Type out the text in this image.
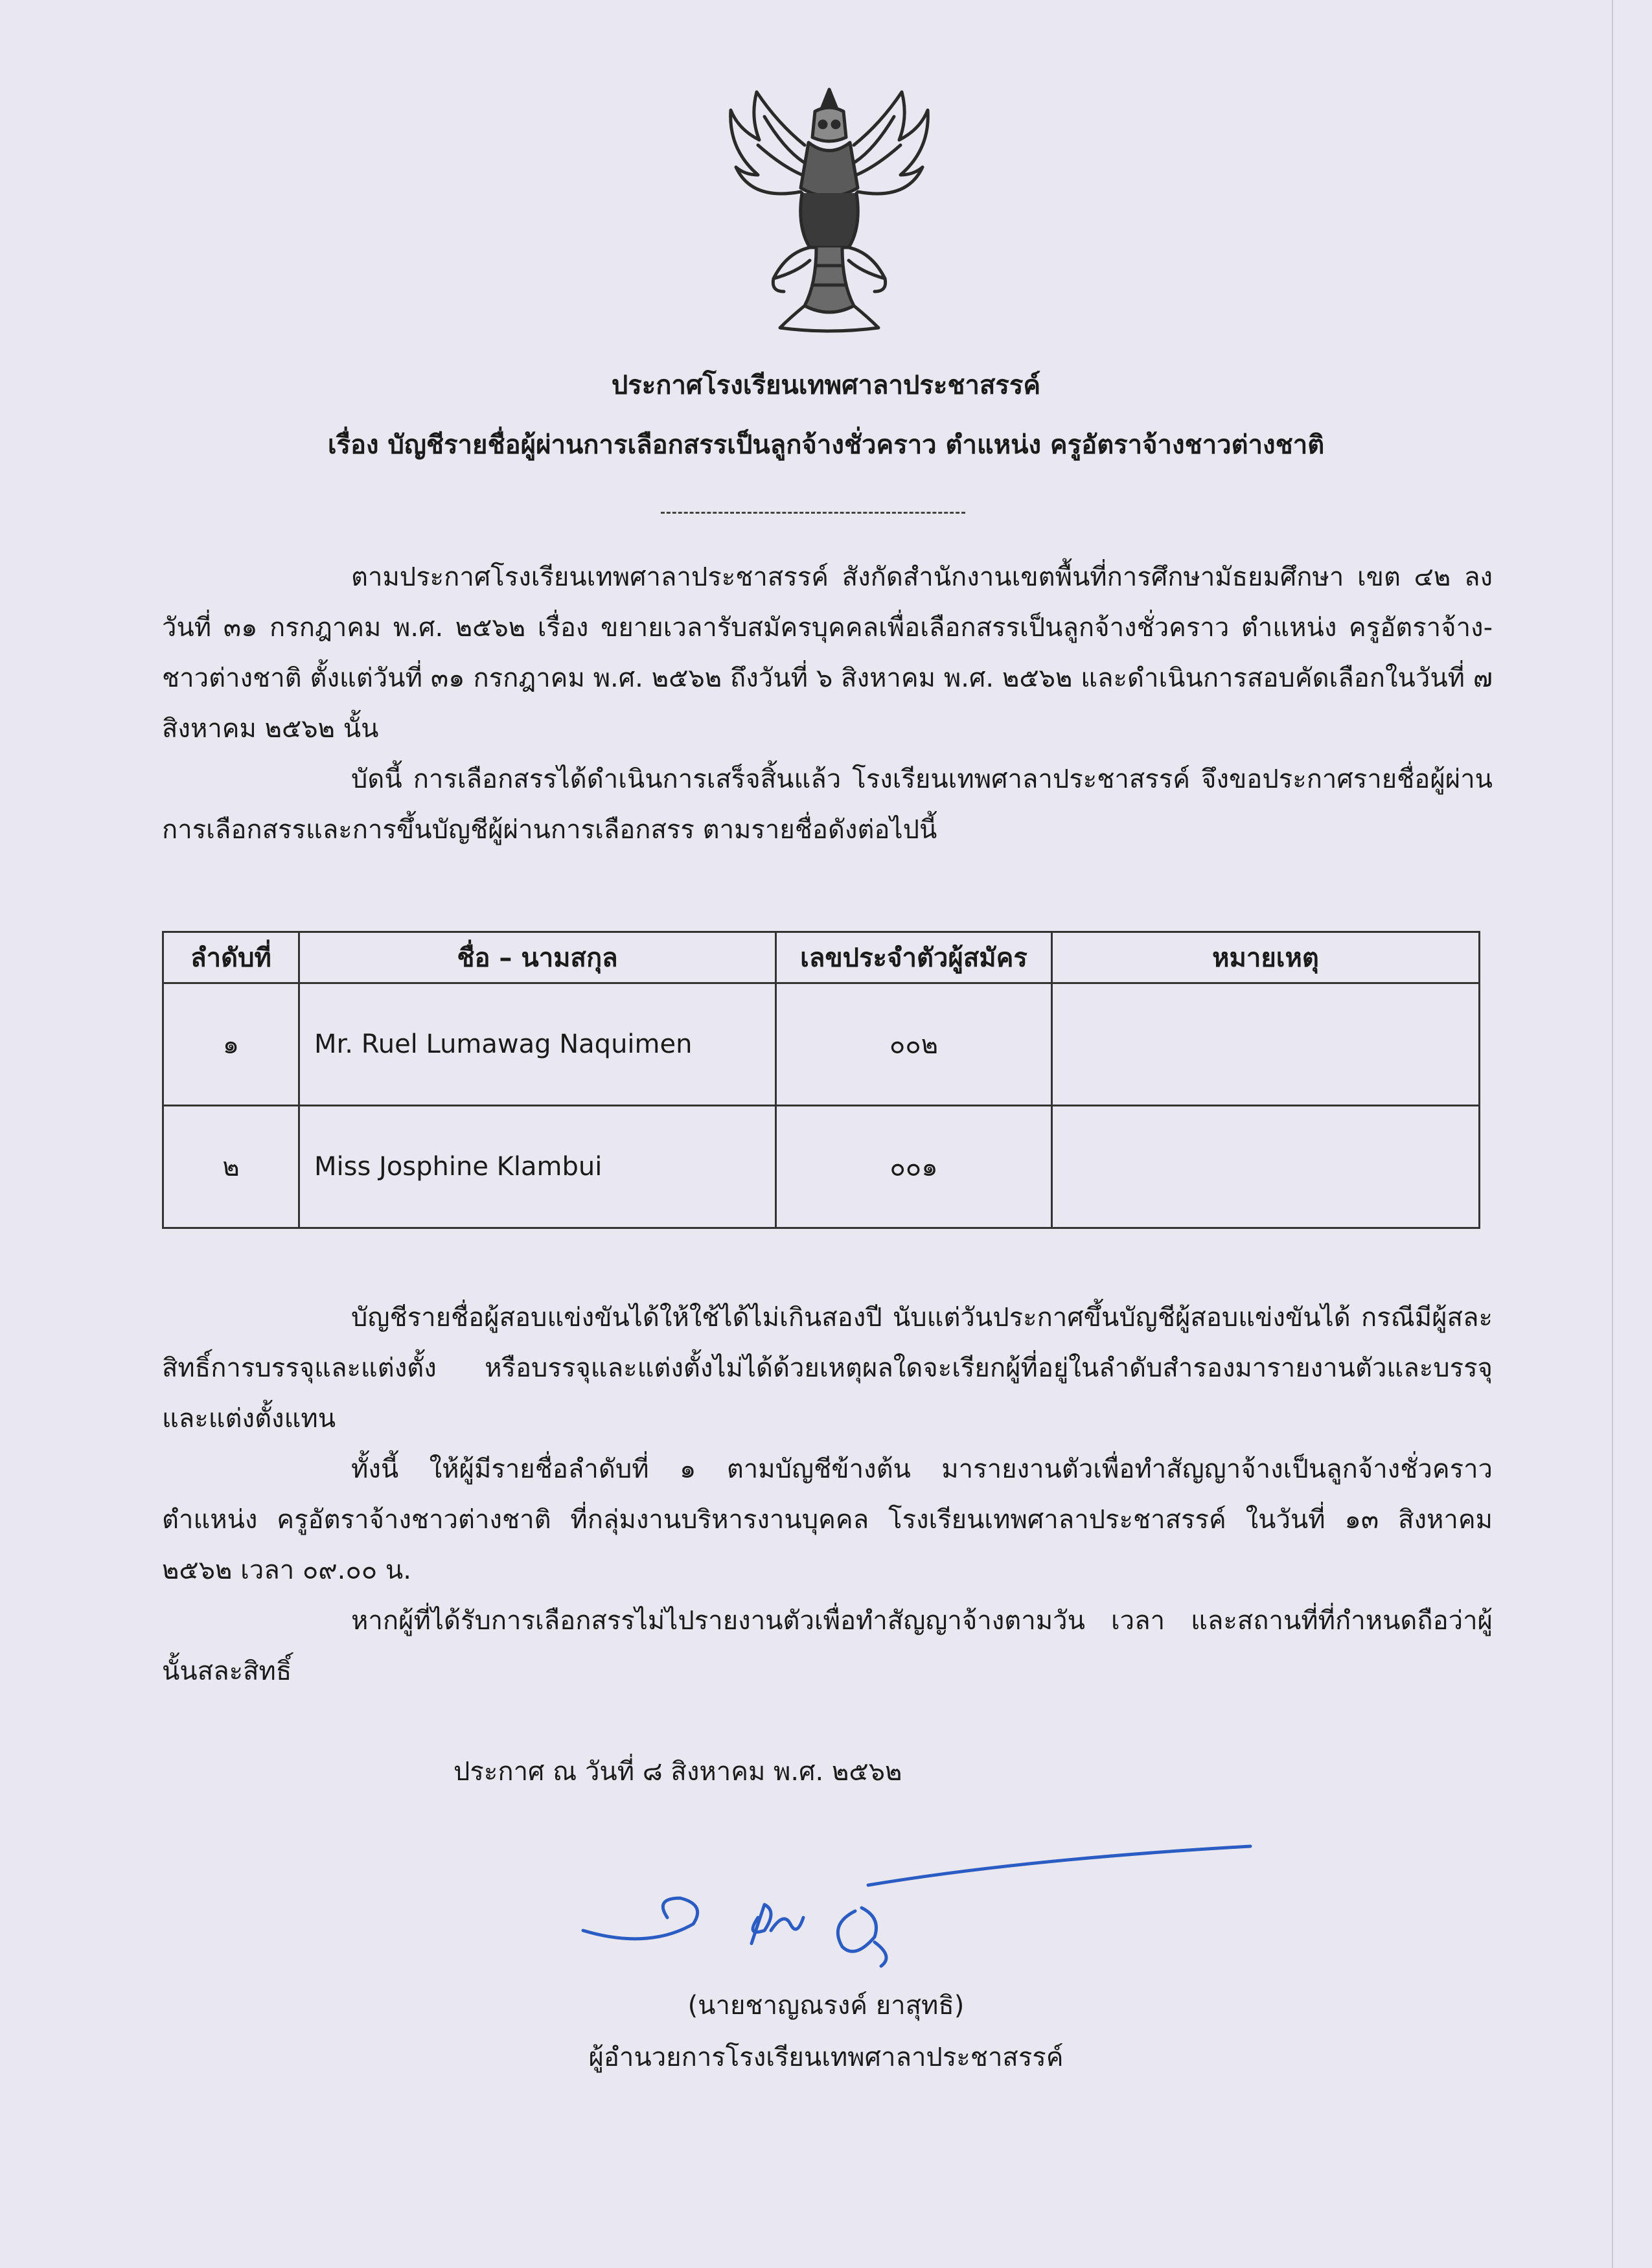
ประกาศโรงเรียนเทพศาลาประชาสรรค์
เรื่อง บัญชีรายชื่อผู้ผ่านการเลือกสรรเป็นลูกจ้างชั่วคราว ตำแหน่ง ครูอัตราจ้างชาวต่างชาติ

ตามประกาศโรงเรียนเทพศาลาประชาสรรค์ สังกัดสำนักงานเขตพื้นที่การศึกษามัธยมศึกษา เขต ๔๒ ลงวันที่ ๓๑ กรกฎาคม พ.ศ. ๒๕๖๒ เรื่อง ขยายเวลารับสมัครบุคคลเพื่อเลือกสรรเป็นลูกจ้างชั่วคราว ตำแหน่ง ครูอัตราจ้าง-ชาวต่างชาติ ตั้งแต่วันที่ ๓๑ กรกฎาคม พ.ศ. ๒๕๖๒ ถึงวันที่ ๖ สิงหาคม พ.ศ. ๒๕๖๒ และดำเนินการสอบคัดเลือกในวันที่ ๗ สิงหาคม ๒๕๖๒ นั้น

บัดนี้ การเลือกสรรได้ดำเนินการเสร็จสิ้นแล้ว โรงเรียนเทพศาลาประชาสรรค์ จึงขอประกาศรายชื่อผู้ผ่านการเลือกสรรและการขึ้นบัญชีผู้ผ่านการเลือกสรร ตามรายชื่อดังต่อไปนี้

ลำดับที่	ชื่อ – นามสกุล	เลขประจำตัวผู้สมัคร	หมายเหตุ
๑	Mr. Ruel Lumawag Naquimen	๐๐๒	
๒	Miss Josphine Klambui	๐๐๑	

บัญชีรายชื่อผู้สอบแข่งขันได้ให้ใช้ได้ไม่เกินสองปี นับแต่วันประกาศขึ้นบัญชีผู้สอบแข่งขันได้ กรณีมีผู้สละสิทธิ์การบรรจุและแต่งตั้ง หรือบรรจุและแต่งตั้งไม่ได้ด้วยเหตุผลใดจะเรียกผู้ที่อยู่ในลำดับสำรองมารายงานตัวและบรรจุและแต่งตั้งแทน

ทั้งนี้ ให้ผู้มีรายชื่อลำดับที่ ๑ ตามบัญชีข้างต้น มารายงานตัวเพื่อทำสัญญาจ้างเป็นลูกจ้างชั่วคราว ตำแหน่ง ครูอัตราจ้างชาวต่างชาติ ที่กลุ่มงานบริหารงานบุคคล โรงเรียนเทพศาลาประชาสรรค์ ในวันที่ ๑๓ สิงหาคม ๒๕๖๒ เวลา ๐๙.๐๐ น.

หากผู้ที่ได้รับการเลือกสรรไม่ไปรายงานตัวเพื่อทำสัญญาจ้างตามวัน เวลา และสถานที่ที่กำหนดถือว่าผู้นั้นสละสิทธิ์

ประกาศ ณ วันที่ ๘ สิงหาคม พ.ศ. ๒๕๖๒
(นายชาญณรงค์ ยาสุทธิ)
ผู้อำนวยการโรงเรียนเทพศาลาประชาสรรค์
